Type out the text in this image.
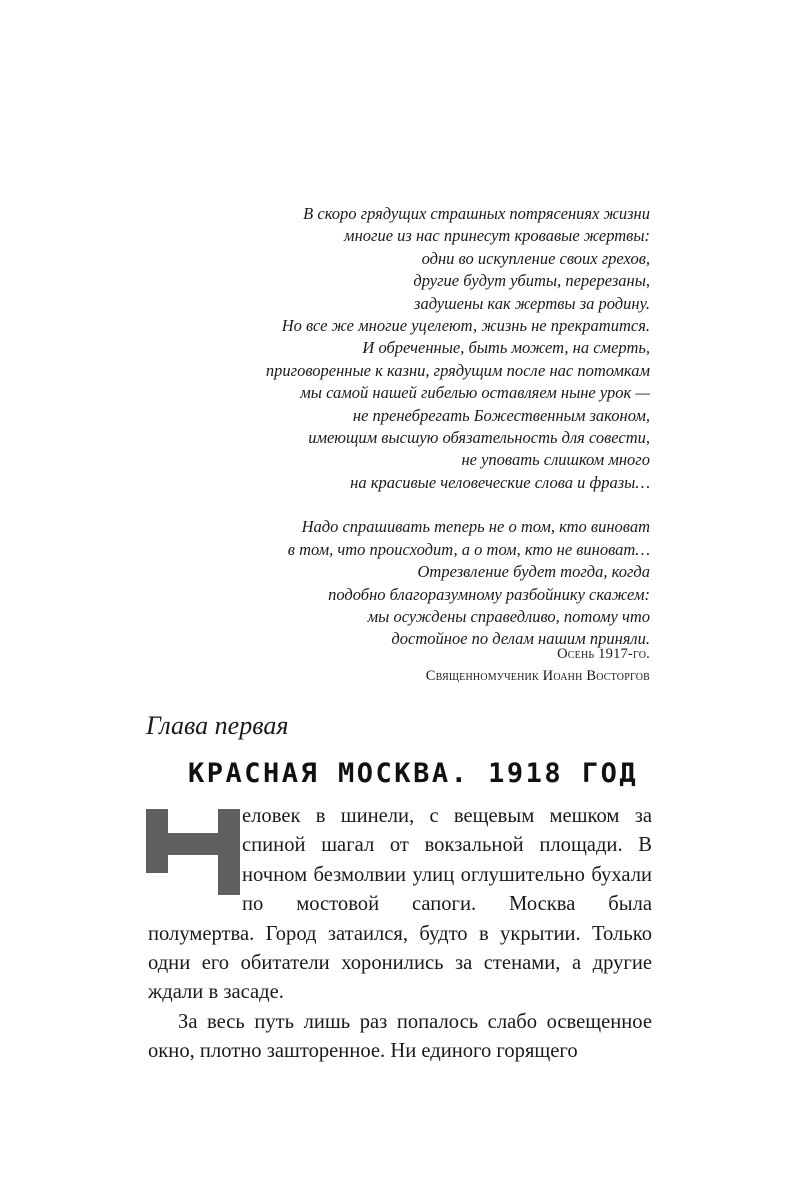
В скоро грядущих страшных потрясениях жизни
многие из нас принесут кровавые жертвы:
одни во искупление своих грехов,
другие будут убиты, перерезаны,
задушены как жертвы за родину.
Но все же многие уцелеют, жизнь не прекратится.
И обреченные, быть может, на смерть,
приговоренные к казни, грядущим после нас потомкам
мы самой нашей гибелью оставляем ныне урок —
не пренебрегать Божественным законом,
имеющим высшую обязательность для совести,
не уповать слишком много
на красивые человеческие слова и фразы…
Надо спрашивать теперь не о том, кто виноват
в том, что происходит, а о том, кто не виноват…
Отрезвление будет тогда, когда
подобно благоразумному разбойнику скажем:
мы осуждены справедливо, потому что
достойное по делам нашим приняли.
Осень 1917-го.
Священномученик Иоанн Восторгов
Глава первая
КРАСНАЯ МОСКВА. 1918 ГОД

еловек в шинели, с вещевым мешком за спиной шагал от вокзальной площади. В ночном безмолвии улиц оглушительно бухали по мостовой сапоги. Москва была полумертва. Город затаился, будто в укрытии. Только одни его обитатели хоронились за стенами, а другие ждали в засаде.

За весь путь лишь раз попалось слабо освещенное окно, плотно зашторенное. Ни единого горящего
